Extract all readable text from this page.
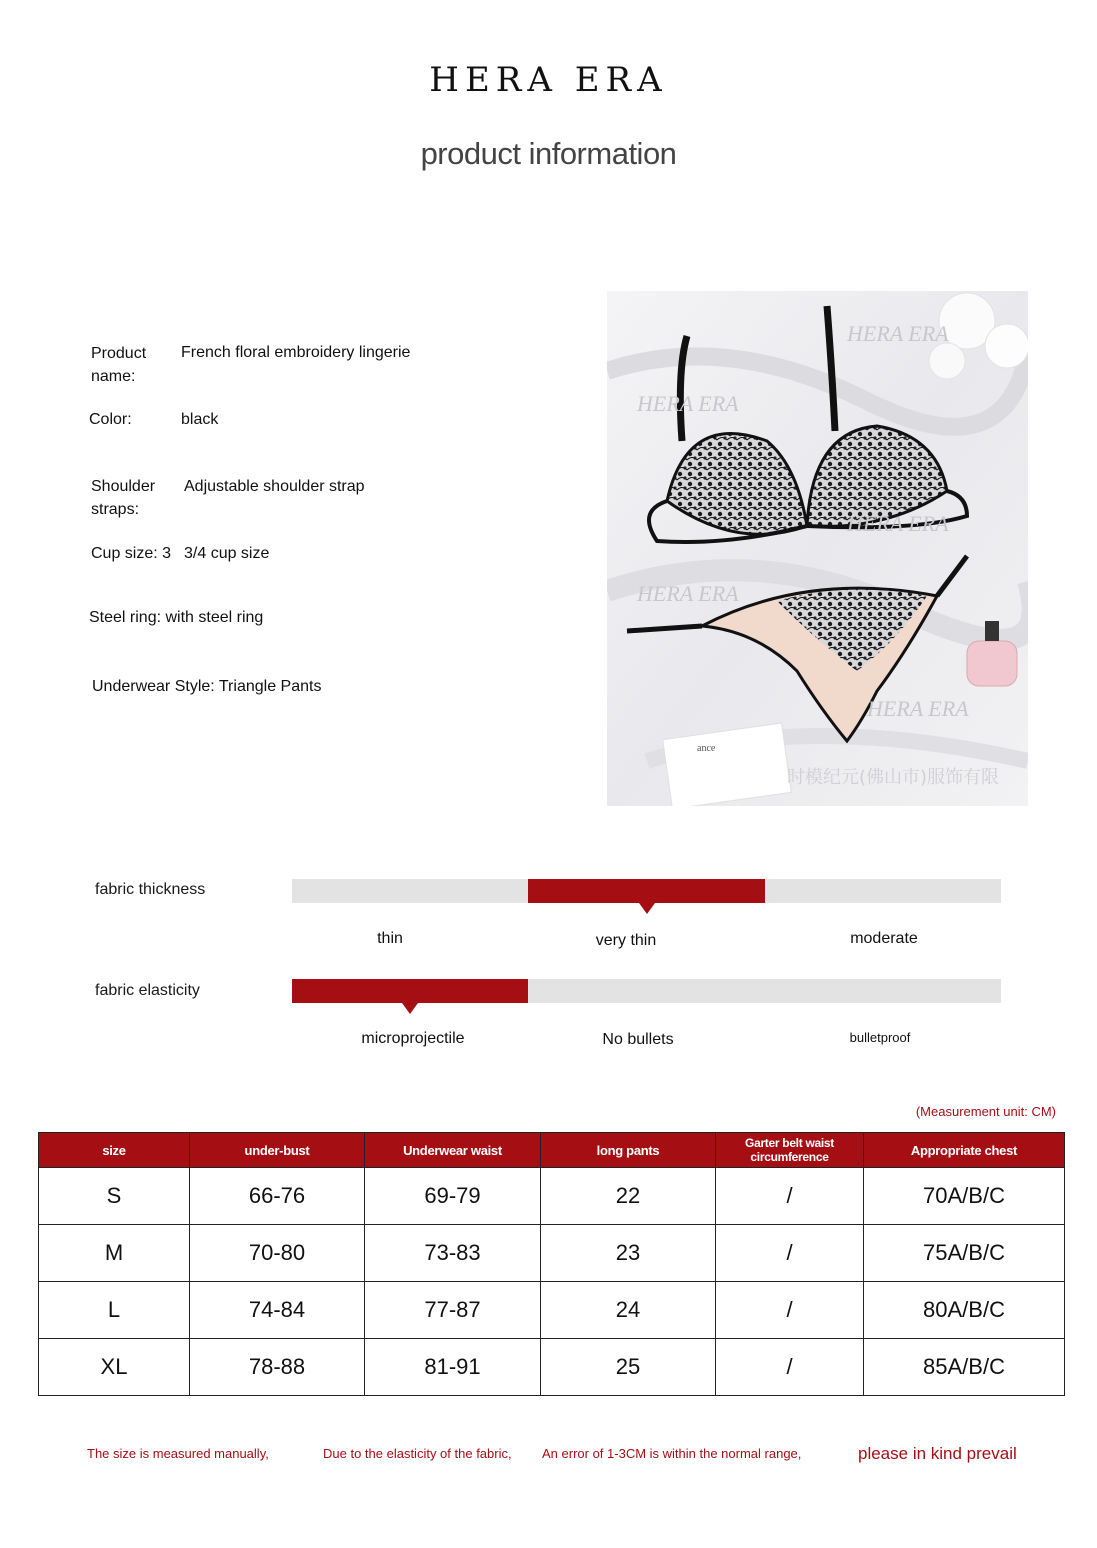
HERA ERA
product information
Product name:
French floral embroidery lingerie
Color:	black
Shoulder straps:
Adjustable shoulder strap
Cup size: 3 3/4 cup size
Steel ring: with steel ring
Underwear Style: Triangle Pants
ance
HERA ERA
HERA ERA
HERA ERA
HERA ERA
HERA ERA
时模纪元(佛山市)服饰有限
fabric thickness
thin	very thin	moderate
fabric elasticity
microprojectile	No bullets	bulletproof
(Measurement unit: CM)
size	under-bust	Underwear waist	long pants	Garter belt waist circumference	Appropriate chest
S	66-76	69-79	22	/	70A/B/C
M	70-80	73-83	23	/	75A/B/C
L	74-84	77-87	24	/	80A/B/C
XL	78-88	81-91	25	/	85A/B/C
The size is measured manually,	Due to the elasticity of the fabric, An error of 1-3CM is within the normal range,	please in kind prevail
